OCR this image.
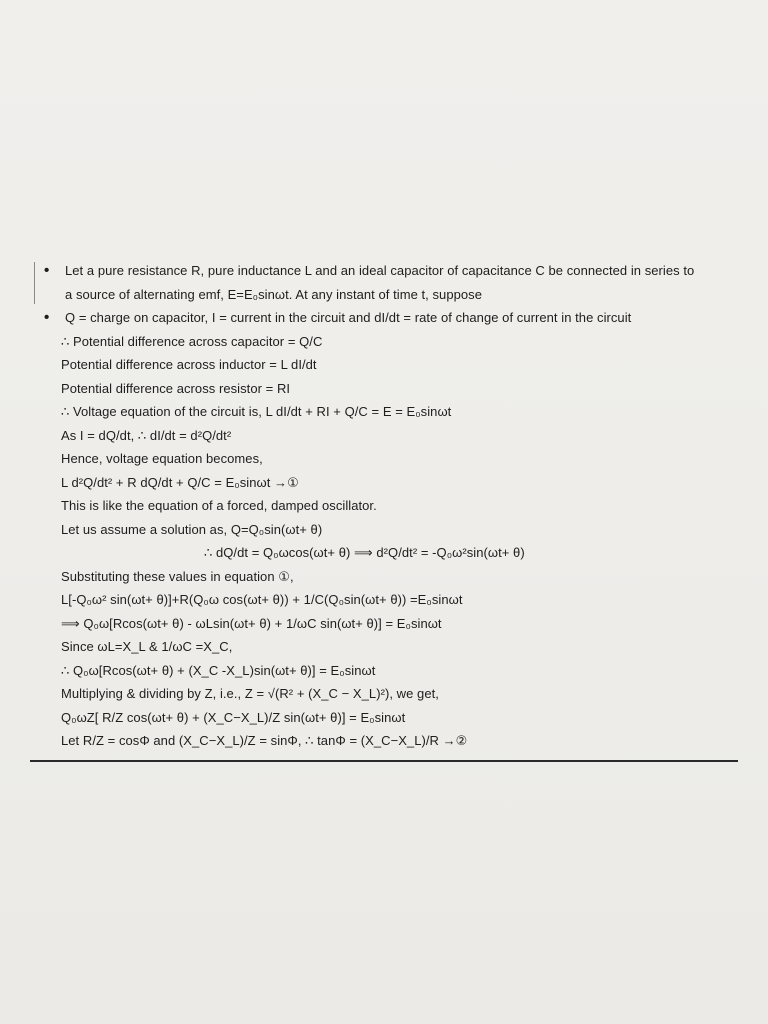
• Let a pure resistance R, pure inductance L and an ideal capacitor of capacitance C be connected in series to
a source of alternating emf, E=E₀sinωt. At any instant of time t, suppose
• Q = charge on capacitor, I = current in the circuit and dI/dt = rate of change of current in the circuit
∴ Potential difference across capacitor = Q/C
Potential difference across inductor = L dI/dt
Potential difference across resistor = RI
∴ Voltage equation of the circuit is, L dI/dt + RI + Q/C = E = E₀sinωt
As I = dQ/dt, ∴ dI/dt = d²Q/dt²
Hence, voltage equation becomes,
L d²Q/dt² + R dQ/dt + Q/C = E₀sinωt →①
This is like the equation of a forced, damped oscillator.
Let us assume a solution as, Q=Q₀sin(ωt+ θ)
∴ dQ/dt = Q₀ωcos(ωt+ θ) ⟹ d²Q/dt² = -Q₀ω²sin(ωt+ θ)
Substituting these values in equation ①,
L[-Q₀ω² sin(ωt+ θ)]+R(Q₀ω cos(ωt+ θ)) + 1/C(Q₀sin(ωt+ θ)) =E₀sinωt
⟹ Q₀ω[Rcos(ωt+ θ) - ωLsin(ωt+ θ) + 1/ωC sin(ωt+ θ)] = E₀sinωt
Since ωL=X_L & 1/ωC =X_C,
∴ Q₀ω[Rcos(ωt+ θ) + (X_C -X_L)sin(ωt+ θ)] = E₀sinωt
Multiplying & dividing by Z, i.e., Z = √(R² + (X_C − X_L)²), we get,
Q₀ωZ[ R/Z cos(ωt+ θ) + (X_C−X_L)/Z sin(ωt+ θ)] = E₀sinωt
Let R/Z = cosΦ and (X_C−X_L)/Z = sinΦ, ∴ tanΦ = (X_C−X_L)/R →②
